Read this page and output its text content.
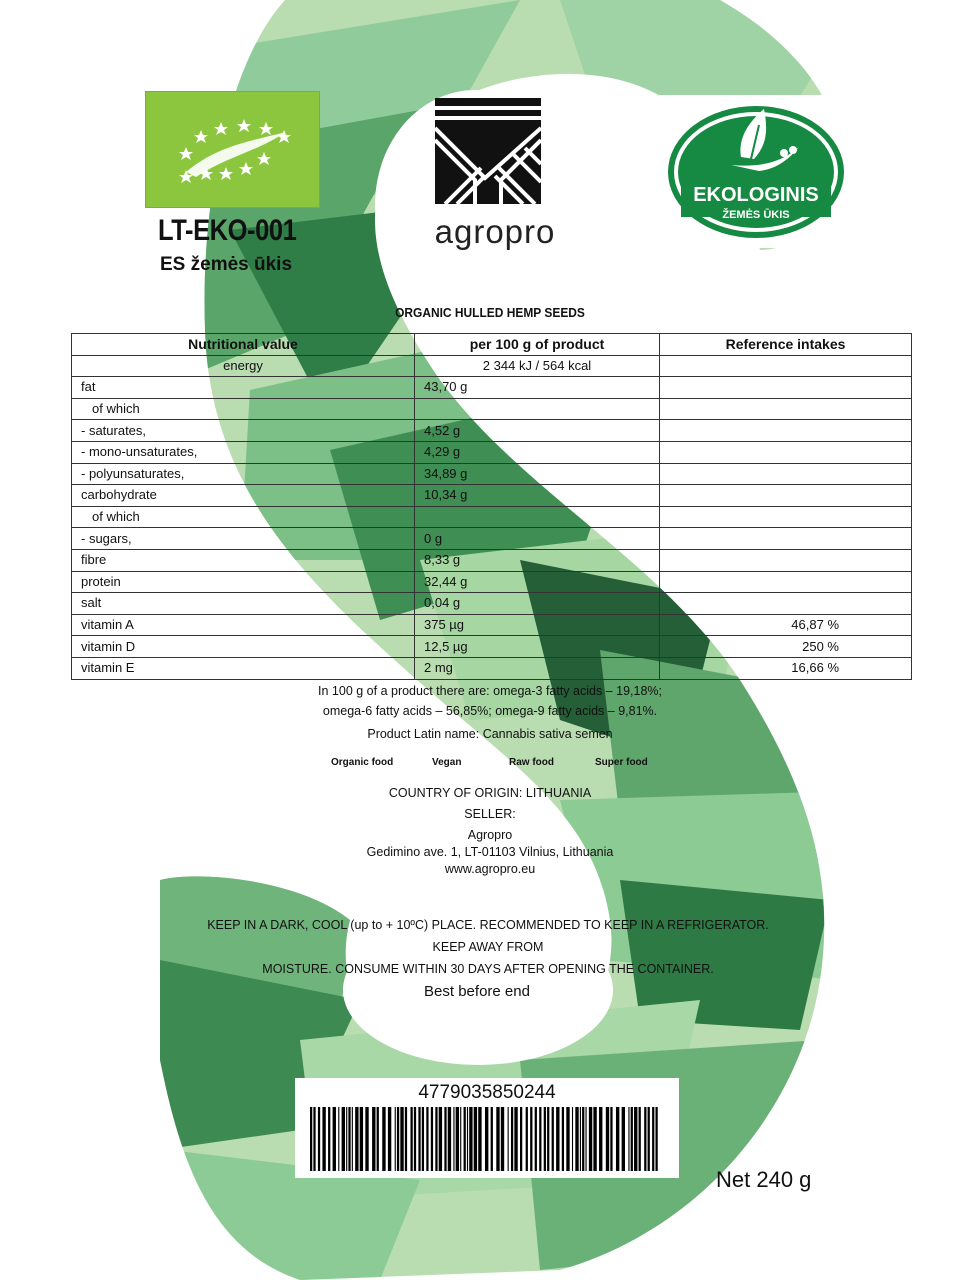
LT-EKO-001
ES žemės ūkis
agropro
EKOLOGINIS
ŽEMĖS ŪKIS
ORGANIC HULLED HEMP SEEDS
Nutritional value	per 100 g of product	Reference intakes
energy	2 344 kJ / 564 kcal	
fat	43,70 g	
of which		
- saturates,	4,52 g	
- mono-unsaturates,	4,29 g	
- polyunsaturates,	34,89 g	
carbohydrate	10,34 g	
of which		
- sugars,	0 g	
fibre	8,33 g	
protein	32,44 g	
salt	0,04 g	
vitamin A	375 µg	46,87 %
vitamin D	12,5 µg	250 %
vitamin E	2 mg	16,66 %
In 100 g of a product there are: omega-3 fatty acids – 19,18%;
omega-6 fatty acids – 56,85%; omega-9 fatty acids – 9,81%.
Product Latin name: Cannabis sativa semen
Organic food	Vegan	Raw food	Super food
COUNTRY OF ORIGIN: LITHUANIA
SELLER:
Agropro
Gedimino ave. 1, LT-01103 Vilnius, Lithuania
www.agropro.eu
KEEP IN A DARK, COOL (up to + 10ºC) PLACE. RECOMMENDED TO KEEP IN A REFRIGERATOR. KEEP AWAY FROM
MOISTURE. CONSUME WITHIN 30 DAYS AFTER OPENING THE CONTAINER.
Best before end
4779035850244
Net 240 g
